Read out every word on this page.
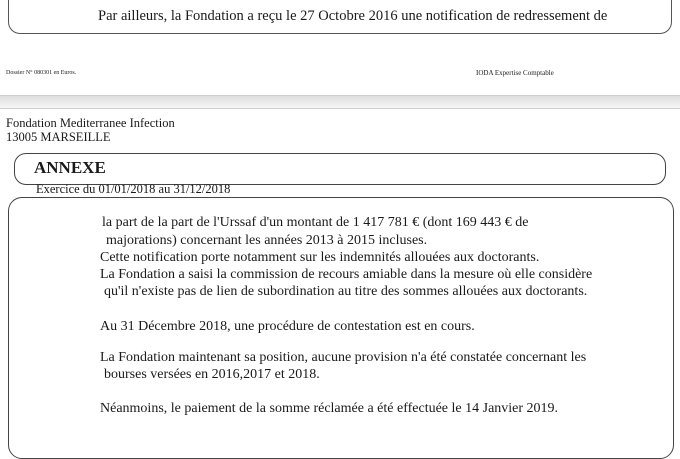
Par ailleurs, la Fondation a reçu le 27 Octobre 2016 une notification de redressement de
Dossier N° 080301 en Euros.	IODA Expertise Comptable
Fondation Mediterranee Infection
13005 MARSEILLE
ANNEXE
Exercice du 01/01/2018 au 31/12/2018
la part de la part de l'Urssaf d'un montant de 1 417 781 € (dont 169 443 € de
majorations) concernant les années 2013 à 2015 incluses.
Cette notification porte notamment sur les indemnités allouées aux doctorants.
La Fondation a saisi la commission de recours amiable dans la mesure où elle considère
qu'il n'existe pas de lien de subordination au titre des sommes allouées aux doctorants.
Au 31 Décembre 2018, une procédure de contestation est en cours.
La Fondation maintenant sa position, aucune provision n'a été constatée concernant les
bourses versées en 2016,2017 et 2018.
Néanmoins, le paiement de la somme réclamée a été effectuée le 14 Janvier 2019.
